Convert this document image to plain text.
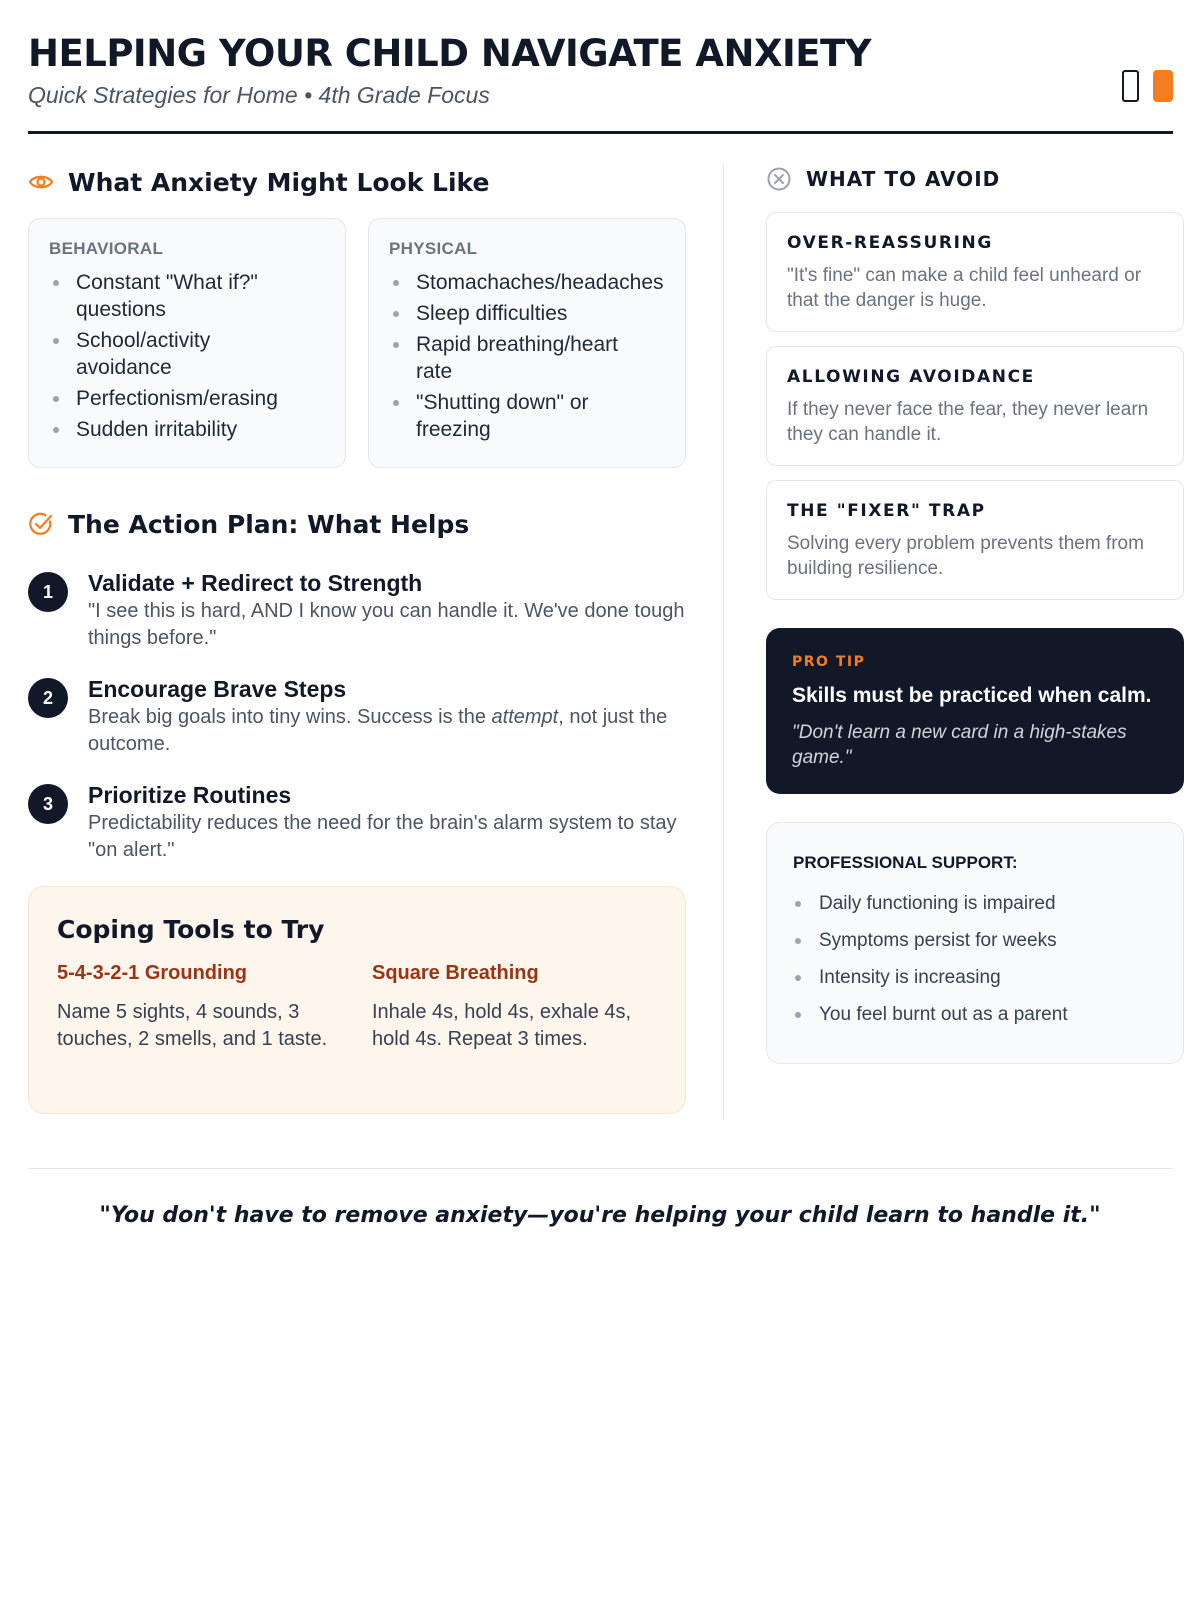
HELPING YOUR CHILD NAVIGATE ANXIETY
Quick Strategies for Home • 4th Grade Focus
What Anxiety Might Look Like
BEHAVIORAL
Constant "What if?"
questions
School/activity
avoidance
Perfectionism/erasing
Sudden irritability
PHYSICAL
Stomachaches/headaches
Sleep difficulties
Rapid breathing/heart
rate
"Shutting down" or
freezing
The Action Plan: What Helps
1	Validate + Redirect to Strength
"I see this is hard, AND I know you can handle it. We've done tough things before."
2	Encourage Brave Steps
Break big goals into tiny wins. Success is the attempt, not just the outcome.
3	Prioritize Routines
Predictability reduces the need for the brain's alarm system to stay "on alert."
Coping Tools to Try
5-4-3-2-1 Grounding
Name 5 sights, 4 sounds, 3 touches, 2 smells, and 1 taste.
Square Breathing
Inhale 4s, hold 4s, exhale 4s, hold 4s. Repeat 3 times.
WHAT TO AVOID
OVER-REASSURING
"It's fine" can make a child feel unheard or that the danger is huge.
ALLOWING AVOIDANCE
If they never face the fear, they never learn they can handle it.
THE "FIXER" TRAP
Solving every problem prevents them from building resilience.
PRO TIP
Skills must be practiced when calm.
"Don't learn a new card in a high-stakes game."
PROFESSIONAL SUPPORT:
Daily functioning is impaired
Symptoms persist for weeks
Intensity is increasing
You feel burnt out as a parent
"You don't have to remove anxiety—you're helping your child learn to handle it."
